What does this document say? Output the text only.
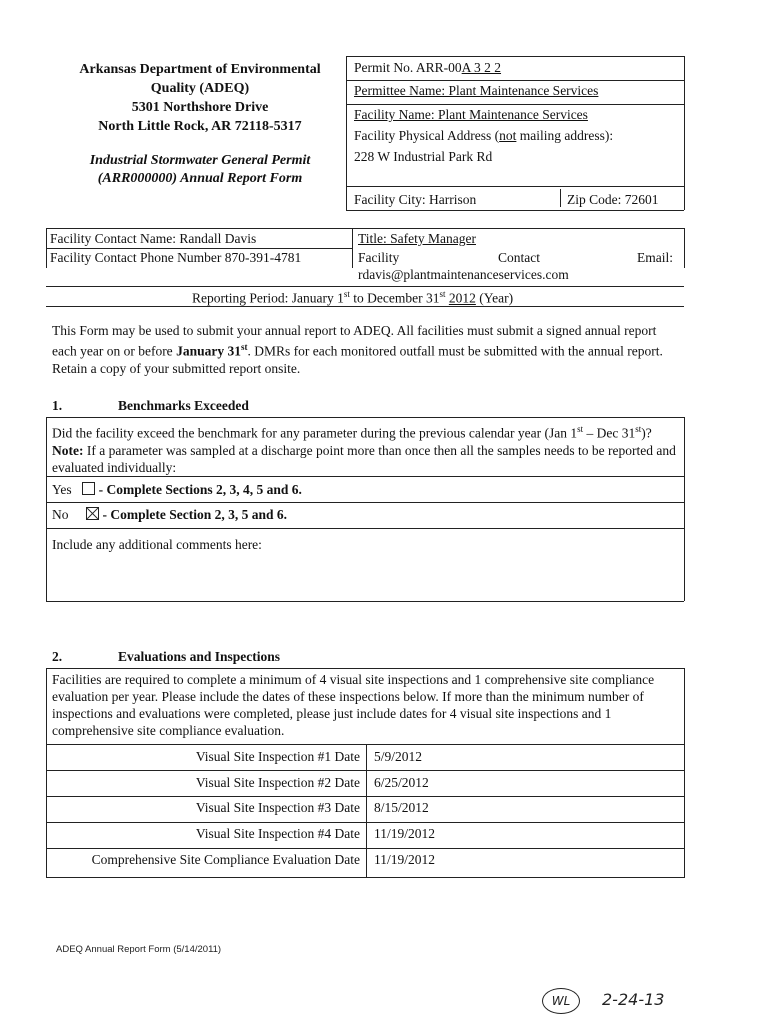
Arkansas Department of Environmental
Quality (ADEQ)
5301 Northshore Drive
North Little Rock, AR 72118-5317
Industrial Stormwater General Permit
(ARR000000) Annual Report Form
Permit No. ARR-00A 3 2 2
Permittee Name: Plant Maintenance Services
Facility Name: Plant Maintenance Services
Facility Physical Address (not mailing address):
228 W Industrial Park Rd
Facility City: Harrison	Zip Code: 72601
Facility Contact Name: Randall Davis	Title: Safety Manager
Facility Contact Phone Number 870-391-4781	Facility	Contact	Email:
rdavis@plantmaintenanceservices.com
Reporting Period: January 1st to December 31st 2012 (Year)
This Form may be used to submit your annual report to ADEQ. All facilities must submit a signed annual report each year on or before January 31st. DMRs for each monitored outfall must be submitted with the annual report. Retain a copy of your submitted report onsite.
1.	Benchmarks Exceeded
Did the facility exceed the benchmark for any parameter during the previous calendar year (Jan 1st – Dec 31st)? Note: If a parameter was sampled at a discharge point more than once then all the samples needs to be reported and evaluated individually:
Yes - Complete Sections 2, 3, 4, 5 and 6.
No	- Complete Section 2, 3, 5 and 6.
Include any additional comments here:
2.	Evaluations and Inspections
Facilities are required to complete a minimum of 4 visual site inspections and 1 comprehensive site compliance evaluation per year. Please include the dates of these inspections below. If more than the minimum number of inspections and evaluations were completed, please just include dates for 4 visual site inspections and 1 comprehensive site compliance evaluation.
Visual Site Inspection #1 Date 5/9/2012
Visual Site Inspection #2 Date 6/25/2012
Visual Site Inspection #3 Date 8/15/2012
Visual Site Inspection #4 Date 11/19/2012
Comprehensive Site Compliance Evaluation Date 11/19/2012
ADEQ Annual Report Form (5/14/2011)
WL	2-24-13
